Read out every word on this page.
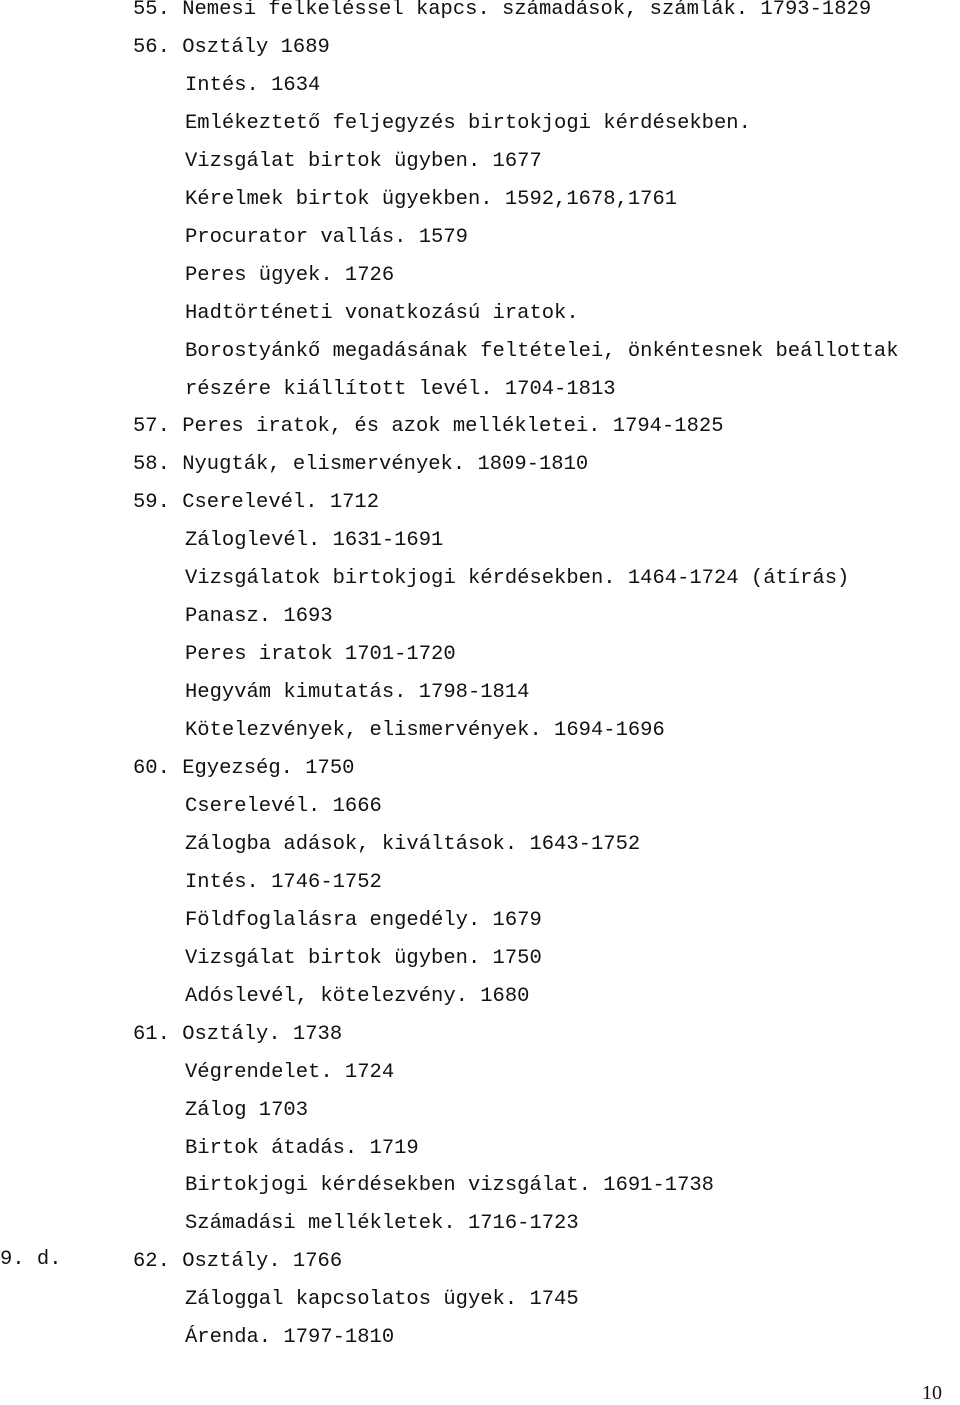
9. d.
10
55. Nemesi felkeléssel kapcs. számadások, számlák. 1793-1829
56. Osztály 1689
Intés. 1634
Emlékeztető feljegyzés birtokjogi kérdésekben.
Vizsgálat birtok ügyben. 1677
Kérelmek birtok ügyekben. 1592,1678,1761
Procurator vallás. 1579
Peres ügyek. 1726
Hadtörténeti vonatkozású iratok.
Borostyánkő megadásának feltételei, önkéntesnek beállottak
részére kiállított levél. 1704-1813
57. Peres iratok, és azok mellékletei. 1794-1825
58. Nyugták, elismervények. 1809-1810
59. Cserelevél. 1712
Záloglevél. 1631-1691
Vizsgálatok birtokjogi kérdésekben. 1464-1724 (átírás)
Panasz. 1693
Peres iratok 1701-1720
Hegyvám kimutatás. 1798-1814
Kötelezvények, elismervények. 1694-1696
60. Egyezség. 1750
Cserelevél. 1666
Zálogba adások, kiváltások. 1643-1752
Intés. 1746-1752
Földfoglalásra engedély. 1679
Vizsgálat birtok ügyben. 1750
Adóslevél, kötelezvény. 1680
61. Osztály. 1738
Végrendelet. 1724
Zálog 1703
Birtok átadás. 1719
Birtokjogi kérdésekben vizsgálat. 1691-1738
Számadási mellékletek. 1716-1723
62. Osztály. 1766
Záloggal kapcsolatos ügyek. 1745
Árenda. 1797-1810
